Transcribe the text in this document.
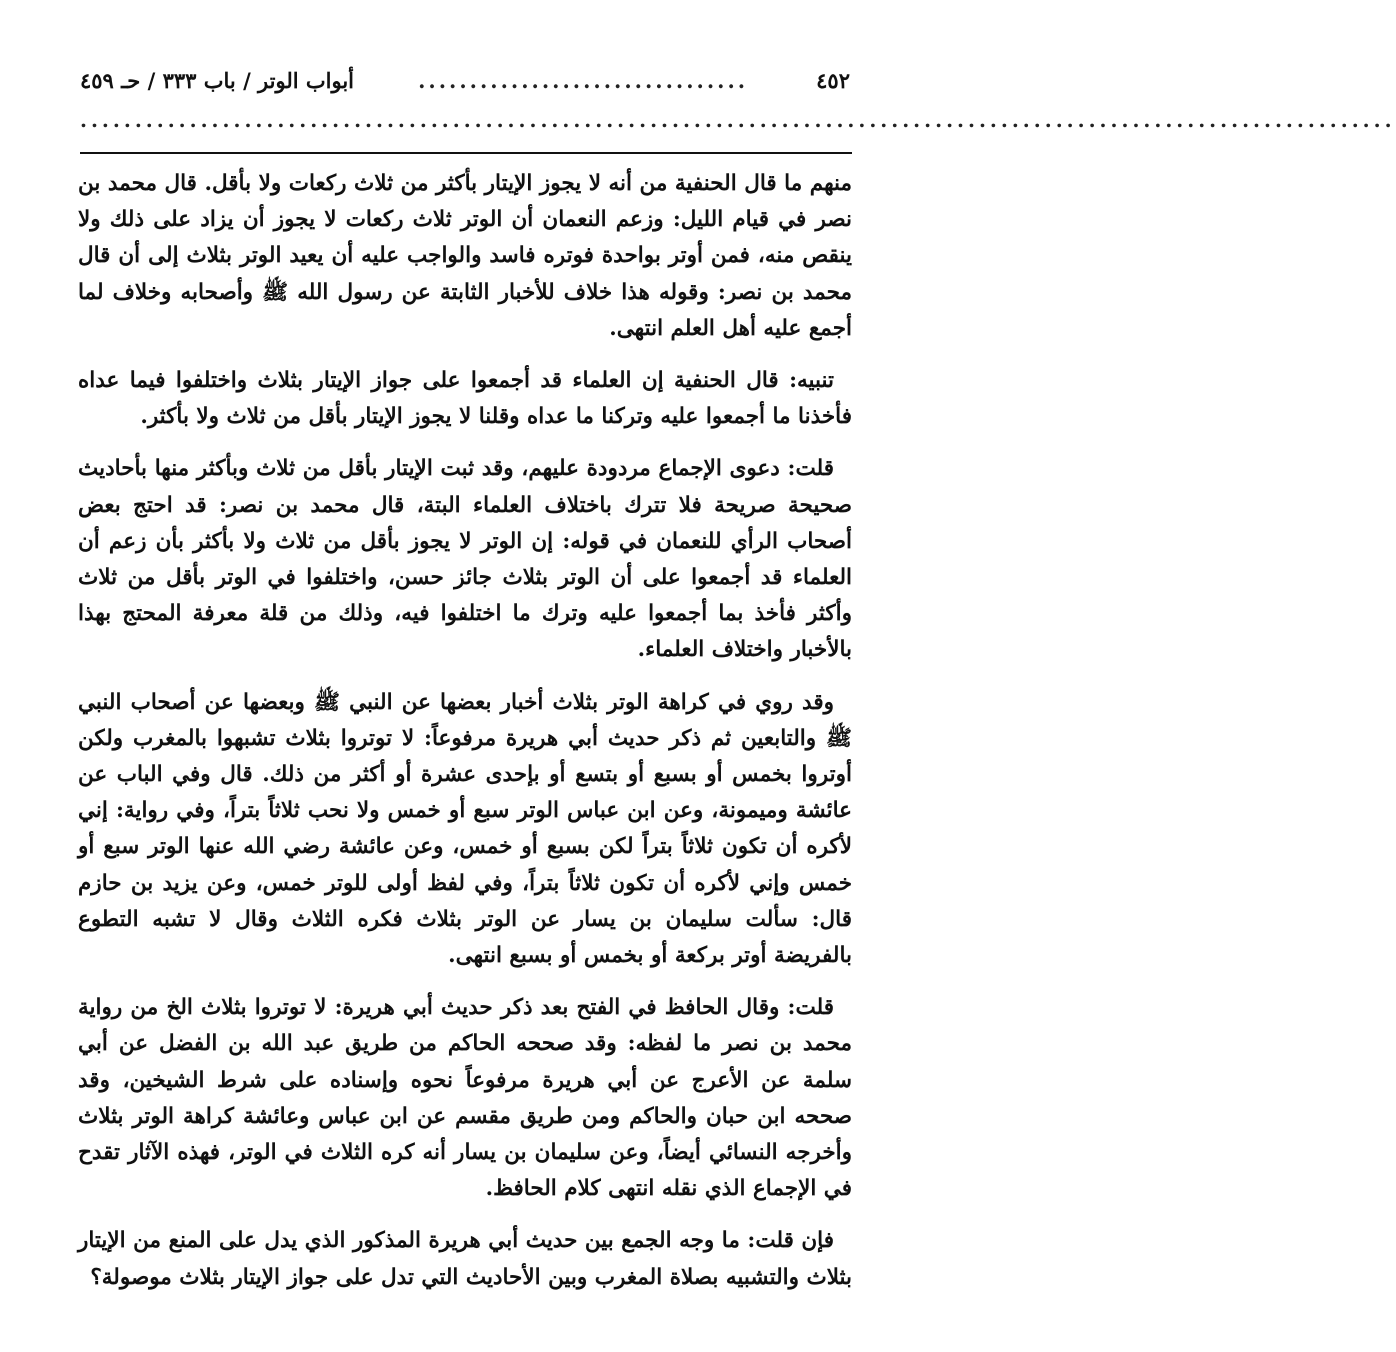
٤٥٢
................................
أبواب الوتر / باب ٣٣٣ / حـ ٤٥٩
........................................................................................................................

منهم ما قال الحنفية من أنه لا يجوز الإيتار بأكثر من ثلاث ركعات ولا بأقل. قال محمد بن نصر في قيام الليل: وزعم النعمان أن الوتر ثلاث ركعات لا يجوز أن يزاد على ذلك ولا ينقص منه، فمن أوتر بواحدة فوتره فاسد والواجب عليه أن يعيد الوتر بثلاث إلى أن قال محمد بن نصر: وقوله هذا خلاف للأخبار الثابتة عن رسول الله ﷺ وأصحابه وخلاف لما أجمع عليه أهل العلم انتهى.

تنبيه: قال الحنفية إن العلماء قد أجمعوا على جواز الإيتار بثلاث واختلفوا فيما عداه فأخذنا ما أجمعوا عليه وتركنا ما عداه وقلنا لا يجوز الإيتار بأقل من ثلاث ولا بأكثر.

قلت: دعوى الإجماع مردودة عليهم، وقد ثبت الإيتار بأقل من ثلاث وبأكثر منها بأحاديث صحيحة صريحة فلا تترك باختلاف العلماء البتة، قال محمد بن نصر: قد احتج بعض أصحاب الرأي للنعمان في قوله: إن الوتر لا يجوز بأقل من ثلاث ولا بأكثر بأن زعم أن العلماء قد أجمعوا على أن الوتر بثلاث جائز حسن، واختلفوا في الوتر بأقل من ثلاث وأكثر فأخذ بما أجمعوا عليه وترك ما اختلفوا فيه، وذلك من قلة معرفة المحتج بهذا بالأخبار واختلاف العلماء.

وقد روي في كراهة الوتر بثلاث أخبار بعضها عن النبي ﷺ وبعضها عن أصحاب النبي ﷺ والتابعين ثم ذكر حديث أبي هريرة مرفوعاً: لا توتروا بثلاث تشبهوا بالمغرب ولكن أوتروا بخمس أو بسبع أو بتسع أو بإحدى عشرة أو أكثر من ذلك. قال وفي الباب عن عائشة وميمونة، وعن ابن عباس الوتر سبع أو خمس ولا نحب ثلاثاً بتراً، وفي رواية: إني لأكره أن تكون ثلاثاً بتراً لكن بسبع أو خمس، وعن عائشة رضي الله عنها الوتر سبع أو خمس وإني لأكره أن تكون ثلاثاً بتراً، وفي لفظ أولى للوتر خمس، وعن يزيد بن حازم قال: سألت سليمان بن يسار عن الوتر بثلاث فكره الثلاث وقال لا تشبه التطوع بالفريضة أوتر بركعة أو بخمس أو بسبع انتهى.

قلت: وقال الحافظ في الفتح بعد ذكر حديث أبي هريرة: لا توتروا بثلاث الخ من رواية محمد بن نصر ما لفظه: وقد صححه الحاكم من طريق عبد الله بن الفضل عن أبي سلمة عن الأعرج عن أبي هريرة مرفوعاً نحوه وإسناده على شرط الشيخين، وقد صححه ابن حبان والحاكم ومن طريق مقسم عن ابن عباس وعائشة كراهة الوتر بثلاث وأخرجه النسائي أيضاً، وعن سليمان بن يسار أنه كره الثلاث في الوتر، فهذه الآثار تقدح في الإجماع الذي نقله انتهى كلام الحافظ.

فإن قلت: ما وجه الجمع بين حديث أبي هريرة المذكور الذي يدل على المنع من الإيتار بثلاث والتشبيه بصلاة المغرب وبين الأحاديث التي تدل على جواز الإيتار بثلاث موصولة؟
